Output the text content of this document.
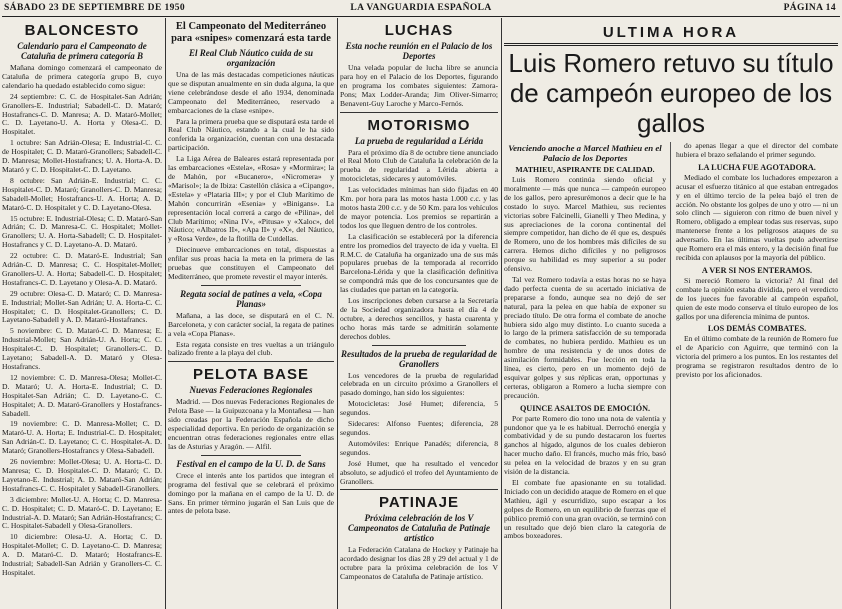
SÁBADO 23 DE SEPTIEMBRE DE 1950	LA VANGUARDIA ESPAÑOLA	PÁGINA 14
BALONCESTO
Calendario para el Campeonato de Cataluña de primera categoría B

Mañana domingo comenzará el campeonato de Cataluña de primera categoría grupo B, cuyo calendario ha quedado establecido como sigue:

24 septiembre: C. C. de Hospitalet-San Adrián; Granollers-E. Industrial; Sabadell-C. D. Mataró; Hostafrancs-C. D. Manresa; A. D. Mataró-Mollet; C. D. Layetano-U. A. Horta y Olesa-C. D. Hospitalet.

1 octubre: San Adrián-Olesa; E. Industrial-C. C. de Hospitalet; C. D. Mataró-Granollers; Sabadell-C. D. Manresa; Mollet-Hostafrancs; U. A. Horta-A. D. Mataró y C. D. Hospitalet-C. D. Layetano.

8 octubre: San Adrián-E. Industrial; C. C. Hospitalet-C. D. Mataró; Granollers-C. D. Manresa; Sabadell-Mollet; Hostafrancs-U. A. Horta; A. D. Mataró-C. D. Hospitalet y C. D. Layetano-Olesa.

15 octubre: E. Industrial-Olesa; C. D. Mataró-San Adrián; C. D. Manresa-C. C. Hospitalet; Mollet-Granollers; U. A. Horta-Sabadell; C. D. Hospitalet-Hostafrancs y C. D. Layetano-A. D. Mataró.

22 octubre: C. D. Mataró-E. Industrial; San Adrián-C. D. Manresa; C. C. Hospitalet-Mollet; Granollers-U. A. Horta; Sabadell-C. D. Hospitalet; Hostafrancs-C. D. Layetano y Olesa-A. D. Mataró.

29 octubre: Olesa-C. D. Mataró; C. D. Manresa-E. Industrial; Mollet-San Adrián; U. A. Horta-C. C. Hospitalet; C. D. Hospitalet-Granollers; C. D. Layetano-Sabadell y A. D. Mataró-Hostafrancs.

5 noviembre: C. D. Mataró-C. D. Manresa; E. Industrial-Mollet; San Adrián-U. A. Horta; C. C. Hospitalet-C. D. Hospitalet; Granollers-C. D. Layetano; Sabadell-A. D. Mataró y Olesa-Hostafrancs.

12 noviembre: C. D. Manresa-Olesa; Mollet-C. D. Mataró; U. A. Horta-E. Industrial; C. D. Hospitalet-San Adrián; C. D. Layetano-C. C. Hospitalet; A. D. Mataró-Granollers y Hostafrancs-Sabadell.

19 noviembre: C. D. Manresa-Mollet; C. D. Mataró-U. A. Horta; E. Industrial-C. D. Hospitalet; San Adrián-C. D. Layetano; C. C. Hospitalet-A. D. Mataró; Granollers-Hostafrancs y Olesa-Sabadell.

26 noviembre: Mollet-Olesa; U. A. Horta-C. D. Manresa; C. D. Hospitalet-C. D. Mataró; C. D. Layetano-E. Industrial; A. D. Mataró-San Adrián; Hostafrancs-C. C. Hospitalet y Sabadell-Granollers.

3 diciembre: Mollet-U. A. Horta; C. D. Manresa-C. D. Hospitalet; C. D. Mataró-C. D. Layetano; E. Industrial-A. D. Mataró; San Adrián-Hostafrancs; C. C. Hospitalet-Sabadell y Olesa-Granollers.

10 diciembre: Olesa-U. A. Horta; C. D. Hospitalet-Mollet; C. D. Layetano-C. D. Manresa; A. D. Mataró-C. D. Mataró; Hostafrancs-E. Industrial; Sabadell-San Adrián y Granollers-C. C. Hospitalet.

El Campeonato del Mediterráneo para «snipes» comenzará esta tarde
El Real Club Náutico cuida de su organización

Una de las más destacadas competiciones náuticas que se disputan anualmente en sin duda alguna, la que viene celebrándose desde el año 1934, denominada Campeonato del Mediterráneo, reservado a embarcaciones de la clase «snipe».

Para la primera prueba que se disputará esta tarde el Real Club Náutico, estando a la cual le ha sido conferida la organización, cuentan con una destacada participación.

La Liga Aérea de Baleares estará representada por las embarcaciones «Estela», «Rosa» y «Mormira»; la de Mahón, por «Bucanero», «Nicromera» y «Marisol»; la de Ibiza: Castellón clásica a «Cipango», «Estela» y «Plataria III»; y por el Club Marítimo de Mahón concurrirán «Esenia» y «Binigans». La representación local correrá a cargo de «Pilina», del Club Marítimo; «Nina IV», «Pitusa» y «Xaloc», del Náutico; «Albatros II», «Apa II» y «X», del Náutico, y «Rosa Verde», de la flotilla de Cutdellas.

Diecinueve embarcaciones en total, dispuestas a enfilar sus proas hacia la meta en la primera de las pruebas que constituyen el Campeonato del Mediterráneo, que promete revestir el mayor interés.

Regata social de patines a vela, «Copa Planas»

Mañana, a las doce, se disputará en el C. N. Barceloneta, y con carácter social, la regata de patines a vela «Copa Planas».

Esta regata consiste en tres vueltas a un triángulo balizado frente a la playa del club.

PELOTA BASE
Nuevas Federaciones Regionales

Madrid. — Dos nuevas Federaciones Regionales de Pelota Base — la Guipuzcoana y la Montañesa — han sido creadas por la Federación Española de dicho especialidad deportiva. En periodo de organización se encuentran otras federaciones regionales entre ellas las de Asturias y Aragón. — Alfil.

Festival en el campo de la U. D. de Sans

Crece el interés ante los partidos que integran el programa del festival que se celebrará el próximo domingo por la mañana en el campo de la U. D. de Sans. En primer término jugarán el San Luis que de antes de pelota base.

LUCHAS
Esta noche reunión en el Palacio de los Deportes

Una velada popular de lucha libre se anuncia para hoy en el Palacio de los Deportes, figurando en programa los combates siguientes: Zamora-Pons; Max Lodder-Aranda; Jim Oliver-Simarro; Benavent-Guy Laroche y Marco-Fernós.

MOTORISMO
La prueba de regularidad a Lérida

Para el próximo día 8 de octubre tiene anunciado el Real Moto Club de Cataluña la celebración de la prueba de regularidad a Lérida abierta a motocicletas, sidecares y automóviles.

Las velocidades mínimas han sido fijadas en 40 Km. por hora para las motos hasta 1.000 c.c. y las motos hasta 200 c.c. y de 50 Km. para los vehículos de mayor potencia. Los premios se repartirán a todos los que lleguen dentro de los controles.

La clasificación se establecerá por la diferencia entre los promedios del trayecto de ida y vuelta. El R.M.C. de Cataluña ha organizado una de sus más populares pruebas de la temporada al recorrido Barcelona-Lérida y que la clasificación definitiva se compondrá más que de los concursantes que de las ciudades que partan en la categoría.

Los inscripciones deben cursarse a la Secretaría de la Sociedad organizadora hasta el día 4 de octubre, a derechos sencillos, y hasta cuarenta y ocho horas más tarde se admitirán solamente derechos dobles.

Resultados de la prueba de regularidad de Granollers

Los vencedores de la prueba de regularidad celebrada en un circuito próximo a Granollers el pasado domingo, han sido los siguientes:

Motocicletas: José Humet; diferencia, 5 segundos.

Sidecares: Alfonso Fuentes; diferencia, 28 segundos.

Automóviles: Enrique Panadés; diferencia, 8 segundos.

José Humet, que ha resultado el vencedor absoluto, se adjudicó el trofeo del Ayuntamiento de Granollers.

PATINAJE
Próxima celebración de los V Campeonatos de Cataluña de Patinaje artístico

La Federación Catalana de Hockey y Patinaje ha acordado designar los días 28 y 29 del actual y 1 de octubre para la próxima celebración de los V Campeonatos de Cataluña de Patinaje artístico.

ULTIMA HORA
Luis Romero retuvo su título de campeón europeo de los gallos
Venciendo anoche a Marcel Mathieu en el Palacio de los Deportes
MATHIEU, ASPIRANTE DE CALIDAD.

Luis Romero continúa siendo oficial y moralmente — más que nunca — campeón europeo de los gallos, pero apresurémonos a decir que le ha costado lo suyo. Marcel Mathieu, sus recientes victorias sobre Falcinelli, Gianelli y Theo Medina, y sus apreciaciones de la corona continental del siempre competidor, han dicho de él que es, después de Romero, uno de los hombres más difíciles de su carrera. Hemos dicho difíciles y no peligrosos porque su habilidad es muy superior a su poder ofensivo.

Tal vez Romero todavía a estas horas no se haya dado perfecta cuenta de su acertado iniciativa de prepararse a fondo, aunque sea no dejó de ser natural, para la pelea en que había de exponer su preciado título. De otra forma el combate de anoche hubiera sido algo muy distinto. Lo cuanto suceda a lo largo de la primera satisfacción de su temporada de combates, no hubiera perdido. Mathieu es un hombre de una resistencia y de unos dotes de asimilación formidables. Fue lección en toda la línea, es cierto, pero en un momento dejó de esquivar golpes y sus réplicas eran, opportunas y certeras, obligaron a Romero a lucha siempre con precaución.

QUINCE ASALTOS DE EMOCIÓN.

Por parte Romero dio tono una nota de valentía y pundonor que ya le es habitual. Derrochó energía y combatividad y de su pundo destacaron los fuertes ganchos al hígado, algunos de los cuales debieron hacer mucho daño. El francés, mucho más frío, basó su pelea en la velocidad de brazos y en su gran visión de la distancia.

El combate fue apasionante en su totalidad. Iniciado con un decidido ataque de Romero en el que Mathieu, ágil y escurridizo, supo escapar a los golpes de Romero, en un equilibrio de fuerzas que el público premió con una gran ovación, se terminó con un resultado que dejó bien claro la categoría de ambos boxeadores.

do apenas llegar a que el director del combate hubiera el brazo señalando el primer segundo.

LA LUCHA FUE AGOTADORA.

Mediado el combate los luchadores empezaron a acusar el esfuerzo titánico al que estaban entregados y en el último tercio de la pelea bajó el tren de acción. No obstante los golpes de uno y otro — ni un solo clinch — siguieron con ritmo de buen nivel y Romero, obligado a emplear todas sus reservas, supo mantenerse frente a los peligrosos ataques de su adversario. En las últimas vueltas pudo advertirse que Romero era el más entero, y la decisión final fue recibida con aplausos por la mayoría del público.

A VER SI NOS ENTERAMOS.

Si mereció Romero la victoria? Al final del combate la opinión estaba dividida, pero el veredicto de los jueces fue favorable al campeón español, quien de este modo conserva el título europeo de los gallos por una diferencia mínima de puntos.

LOS DEMÁS COMBATES.

En el último combate de la reunión de Romero fue el de Aparicio con Aguirre, que terminó con la victoria del primero a los puntos. En los restantes del programa se registraron resultados dentro de lo previsto por los aficionados.
